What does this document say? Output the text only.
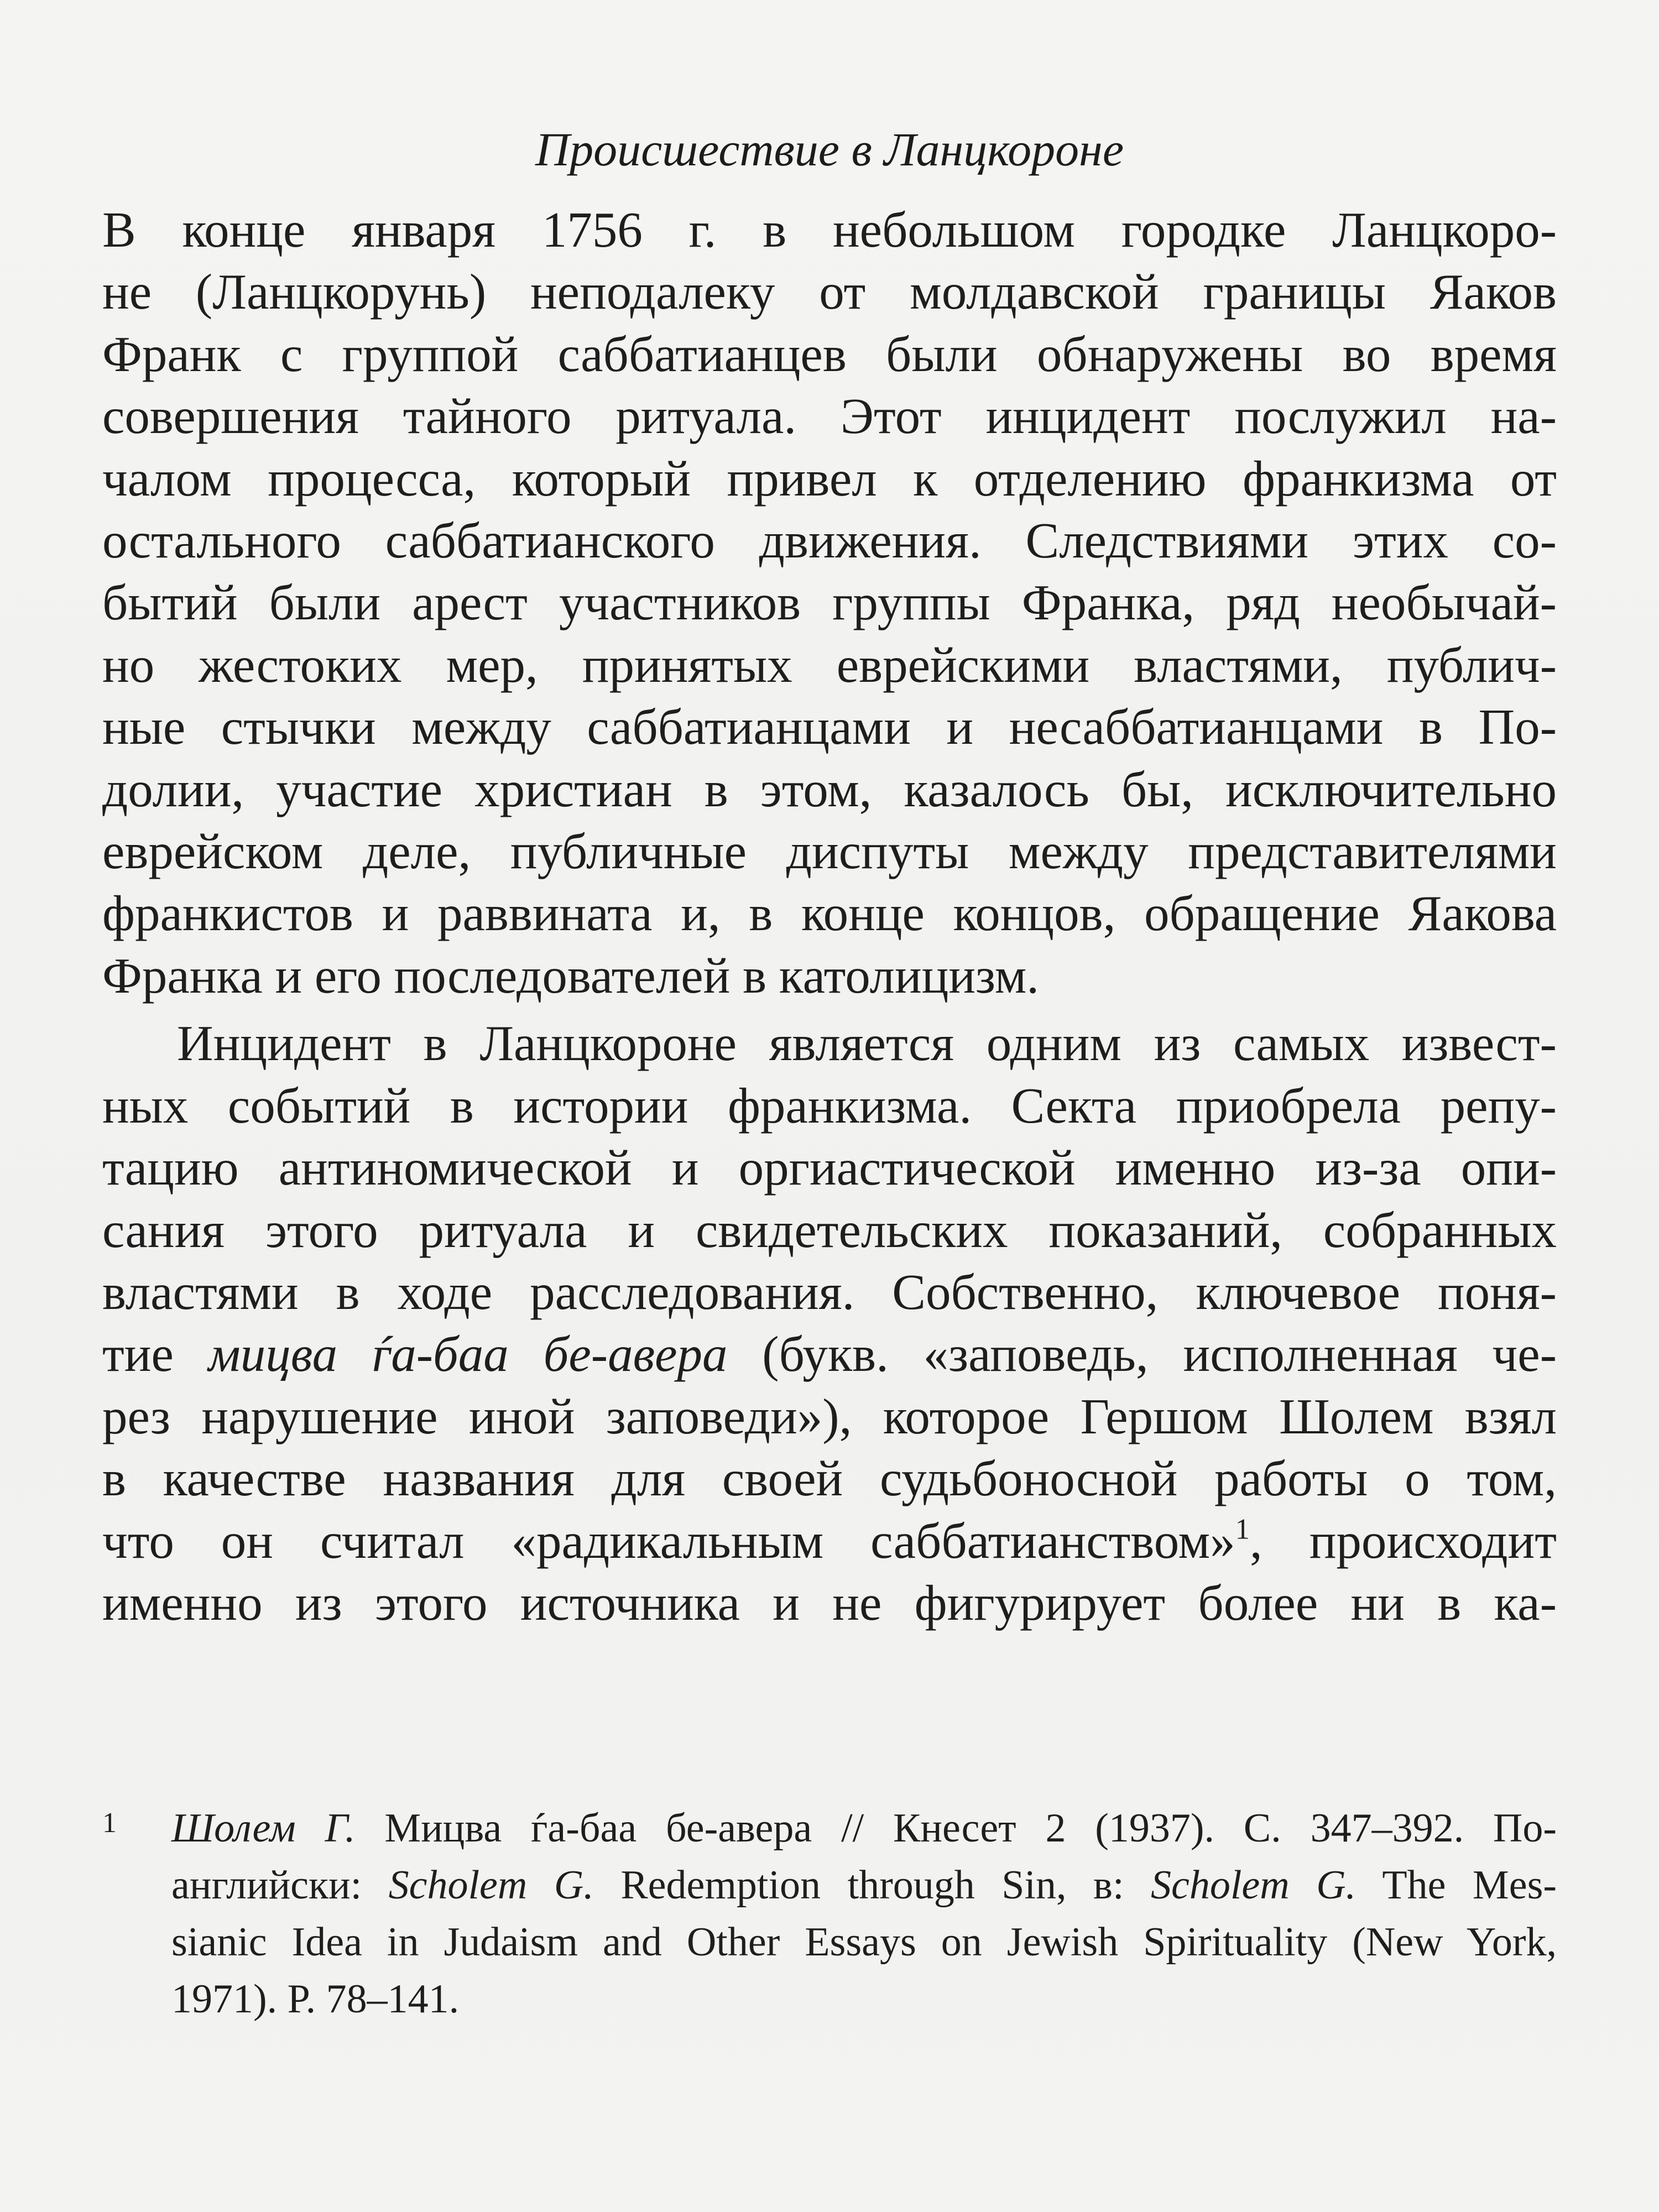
Происшествие в Ланцкороне
В конце января 1756 г. в небольшом городке Ланцкоро-
не (Ланцкорунь) неподалеку от молдавской границы Яаков
Франк с группой саббатианцев были обнаружены во время
совершения тайного ритуала. Этот инцидент послужил на-
чалом процесса, который привел к отделению франкизма от
остального саббатианского движения. Следствиями этих со-
бытий были арест участников группы Франка, ряд необычай-
но жестоких мер, принятых еврейскими властями, публич-
ные стычки между саббатианцами и несаббатианцами в По-
долии, участие христиан в этом, казалось бы, исключительно
еврейском деле, публичные диспуты между представителями
франкистов и раввината и, в конце концов, обращение Яакова
Франка и его последователей в католицизм.
Инцидент в Ланцкороне является одним из самых извест-
ных событий в истории франкизма. Секта приобрела репу-
тацию антиномической и оргиастической именно из-за опи-
сания этого ритуала и свидетельских показаний, собранных
властями в ходе расследования. Собственно, ключевое поня-
тие мицва ѓа-баа бе-авера (букв. «заповедь, исполненная че-
рез нарушение иной заповеди»), которое Гершом Шолем взял
в качестве названия для своей судьбоносной работы о том,
что он считал «радикальным саббатианством»$^1$, происходит
именно из этого источника и не фигурирует более ни в ка-
1 Шолем Г. Мицва ѓа-баа бе-авера // Кнесет 2 (1937). С. 347–392. По-
английски: Scholem G. Redemption through Sin, в: Scholem G. The Mes-
sianic Idea in Judaism and Other Essays on Jewish Spirituality (New York,
1971). P. 78–141.
